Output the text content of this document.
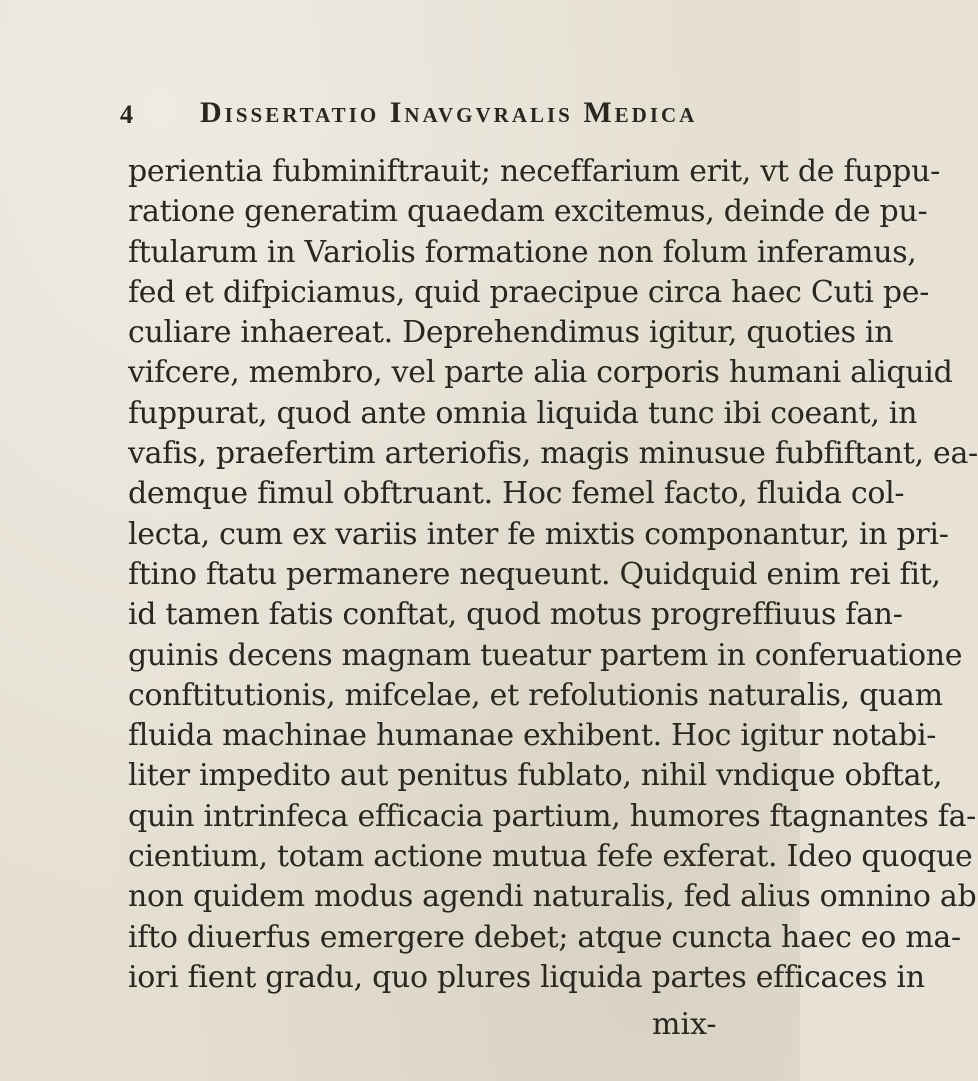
4 Dissertatio Inavgvralis Medica
perientia fubminiftrauit; neceffarium erit, vt de fuppu-
ratione generatim quaedam excitemus, deinde de pu-
ftularum in Variolis formatione non folum inferamus,
fed et difpiciamus, quid praecipue circa haec Cuti pe-
culiare inhaereat. Deprehendimus igitur, quoties in
vifcere, membro, vel parte alia corporis humani aliquid
fuppurat, quod ante omnia liquida tunc ibi coeant, in
vafis, praefertim arteriofis, magis minusue fubfiftant, ea-
demque fimul obftruant. Hoc femel facto, fluida col-
lecta, cum ex variis inter fe mixtis componantur, in pri-
ftino ftatu permanere nequeunt. Quidquid enim rei fit,
id tamen fatis conftat, quod motus progreffiuus fan-
guinis decens magnam tueatur partem in conferuatione
conftitutionis, mifcelae, et refolutionis naturalis, quam
fluida machinae humanae exhibent. Hoc igitur notabi-
liter impedito aut penitus fublato, nihil vndique obftat,
quin intrinfeca efficacia partium, humores ftagnantes fa-
cientium, totam actione mutua fefe exferat. Ideo quoque
non quidem modus agendi naturalis, fed alius omnino ab
ifto diuerfus emergere debet; atque cuncta haec eo ma-
iori fient gradu, quo plures liquida partes efficaces in
mix-
